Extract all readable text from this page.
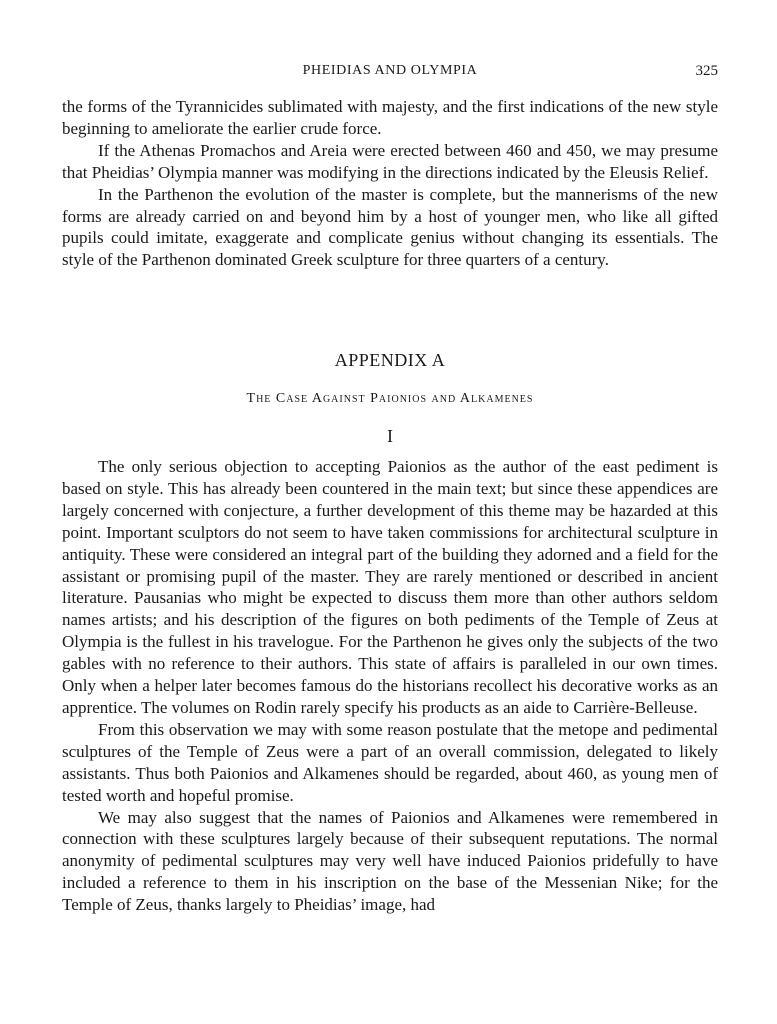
PHEIDIAS AND OLYMPIA	325

the forms of the Tyrannicides sublimated with majesty, and the first indications of the new style beginning to ameliorate the earlier crude force.

If the Athenas Promachos and Areia were erected between 460 and 450, we may presume that Pheidias’ Olympia manner was modifying in the directions indicated by the Eleusis Relief.

In the Parthenon the evolution of the master is complete, but the mannerisms of the new forms are already carried on and beyond him by a host of younger men, who like all gifted pupils could imitate, exaggerate and complicate genius without changing its essentials. The style of the Parthenon dominated Greek sculpture for three quarters of a century.

APPENDIX A
The Case Against Paionios and Alkamenes
I

The only serious objection to accepting Paionios as the author of the east pediment is based on style. This has already been countered in the main text; but since these appendices are largely concerned with conjecture, a further development of this theme may be hazarded at this point. Important sculptors do not seem to have taken commissions for architectural sculpture in antiquity. These were considered an integral part of the building they adorned and a field for the assistant or promising pupil of the master. They are rarely mentioned or described in ancient literature. Pausanias who might be expected to discuss them more than other authors seldom names artists; and his description of the figures on both pediments of the Temple of Zeus at Olympia is the fullest in his travelogue. For the Parthenon he gives only the subjects of the two gables with no reference to their authors. This state of affairs is paralleled in our own times. Only when a helper later becomes famous do the historians recollect his decorative works as an apprentice. The volumes on Rodin rarely specify his products as an aide to Carrière-Belleuse.

From this observation we may with some reason postulate that the metope and pedimental sculptures of the Temple of Zeus were a part of an overall commission, delegated to likely assistants. Thus both Paionios and Alkamenes should be regarded, about 460, as young men of tested worth and hopeful promise.

We may also suggest that the names of Paionios and Alkamenes were remembered in connection with these sculptures largely because of their subsequent reputations. The normal anonymity of pedimental sculptures may very well have induced Paionios pridefully to have included a reference to them in his inscription on the base of the Messenian Nike; for the Temple of Zeus, thanks largely to Pheidias’ image, had
